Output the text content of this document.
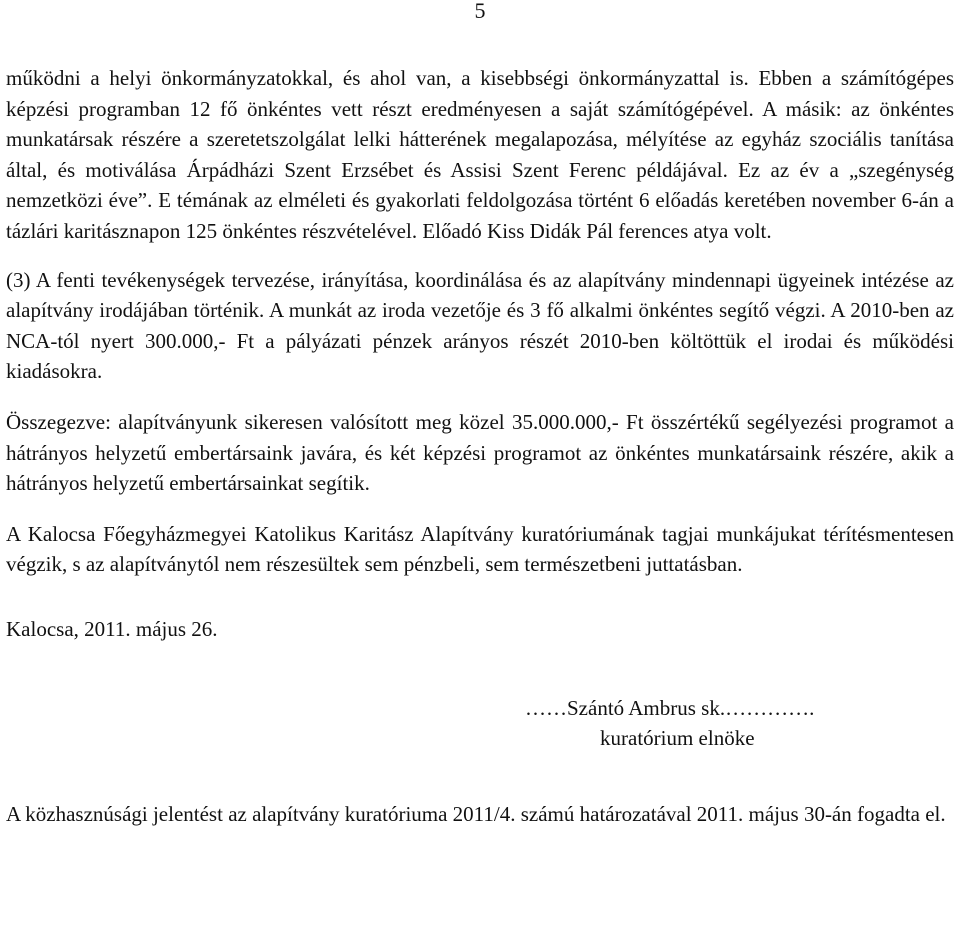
5

működni a helyi önkormányzatokkal, és ahol van, a kisebbségi önkormányzattal is. Ebben a számítógépes képzési programban 12 fő önkéntes vett részt eredményesen a saját számítógépével. A másik: az önkéntes munkatársak részére a szeretetszolgálat lelki hátterének megalapozása, mélyítése az egyház szociális tanítása által, és motiválása Árpádházi Szent Erzsébet és Assisi Szent Ferenc példájával. Ez az év a „szegénység nemzetközi éve”. E témának az elméleti és gyakorlati feldolgozása történt 6 előadás keretében november 6-án a tázlári karitásznapon 125 önkéntes részvételével. Előadó Kiss Didák Pál ferences atya volt.

(3) A fenti tevékenységek tervezése, irányítása, koordinálása és az alapítvány mindennapi ügyeinek intézése az alapítvány irodájában történik. A munkát az iroda vezetője és 3 fő alkalmi önkéntes segítő végzi. A 2010-ben az NCA-tól nyert 300.000,- Ft a pályázati pénzek arányos részét 2010-ben költöttük el irodai és működési kiadásokra.

Összegezve: alapítványunk sikeresen valósított meg közel 35.000.000,- Ft összértékű segélyezési programot a hátrányos helyzetű embertársaink javára, és két képzési programot az önkéntes munkatársaink részére, akik a hátrányos helyzetű embertársainkat segítik.

A Kalocsa Főegyházmegyei Katolikus Karitász Alapítvány kuratóriumának tagjai munkájukat térítésmentesen végzik, s az alapítványtól nem részesültek sem pénzbeli, sem természetbeni juttatásban.

Kalocsa, 2011. május 26.

……Szántó Ambrus sk.………….
kuratórium elnöke

A közhasznúsági jelentést az alapítvány kuratóriuma 2011/4. számú határozatával 2011. május 30-án fogadta el.
